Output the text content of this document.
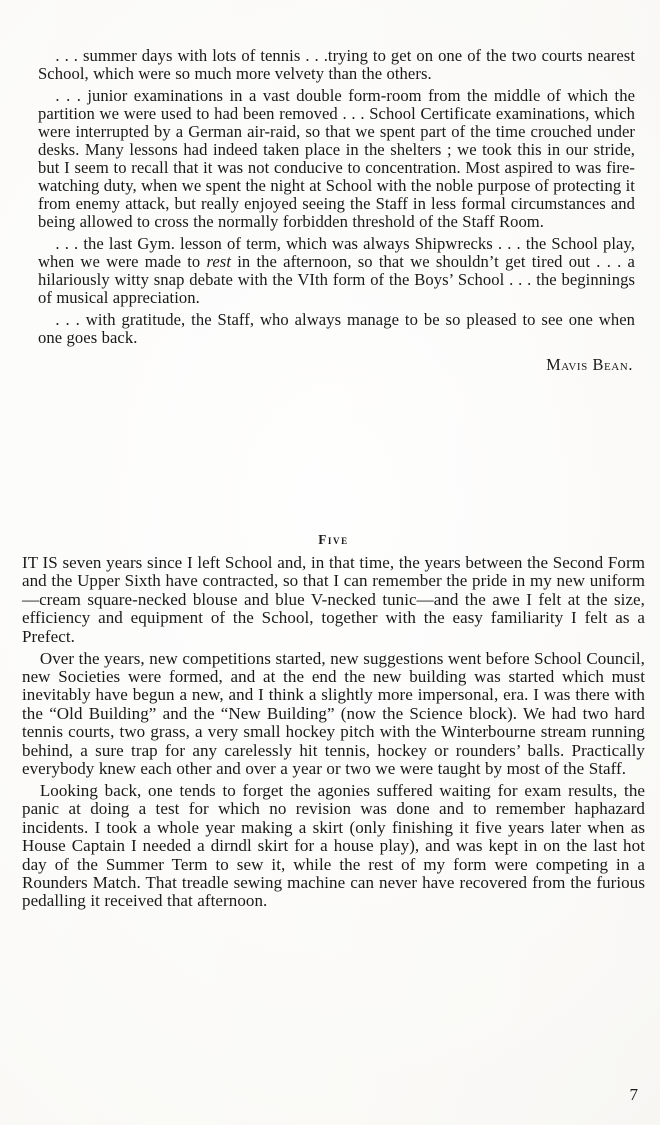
. . . summer days with lots of tennis . . .trying to get on one of the two courts nearest School, which were so much more velvety than the others.

. . . junior examinations in a vast double form-room from the middle of which the partition we were used to had been removed . . . School Certificate examinations, which were interrupted by a German air-raid, so that we spent part of the time crouched under desks. Many lessons had indeed taken place in the shelters ; we took this in our stride, but I seem to recall that it was not conducive to concentration. Most aspired to was fire-watching duty, when we spent the night at School with the noble purpose of protecting it from enemy attack, but really enjoyed seeing the Staff in less formal circumstances and being allowed to cross the normally forbidden threshold of the Staff Room.

. . . the last Gym. lesson of term, which was always Shipwrecks . . . the School play, when we were made to rest in the afternoon, so that we shouldn’t get tired out . . . a hilariously witty snap debate with the VIth form of the Boys’ School . . . the beginnings of musical appreciation.

. . . with gratitude, the Staff, who always manage to be so pleased to see one when one goes back.

Mavis Bean.
Five

IT IS seven years since I left School and, in that time, the years between the Second Form and the Upper Sixth have contracted, so that I can remember the pride in my new uniform—cream square-necked blouse and blue V-necked tunic—and the awe I felt at the size, efficiency and equipment of the School, together with the easy familiarity I felt as a Prefect.

Over the years, new competitions started, new suggestions went before School Council, new Societies were formed, and at the end the new building was started which must inevitably have begun a new, and I think a slightly more impersonal, era. I was there with the “Old Building” and the “New Building” (now the Science block). We had two hard tennis courts, two grass, a very small hockey pitch with the Winterbourne stream running behind, a sure trap for any carelessly hit tennis, hockey or rounders’ balls. Practically everybody knew each other and over a year or two we were taught by most of the Staff.

Looking back, one tends to forget the agonies suffered waiting for exam results, the panic at doing a test for which no revision was done and to remember haphazard incidents. I took a whole year making a skirt (only finishing it five years later when as House Captain I needed a dirndl skirt for a house play), and was kept in on the last hot day of the Summer Term to sew it, while the rest of my form were competing in a Rounders Match. That treadle sewing machine can never have recovered from the furious pedalling it received that afternoon.

7
